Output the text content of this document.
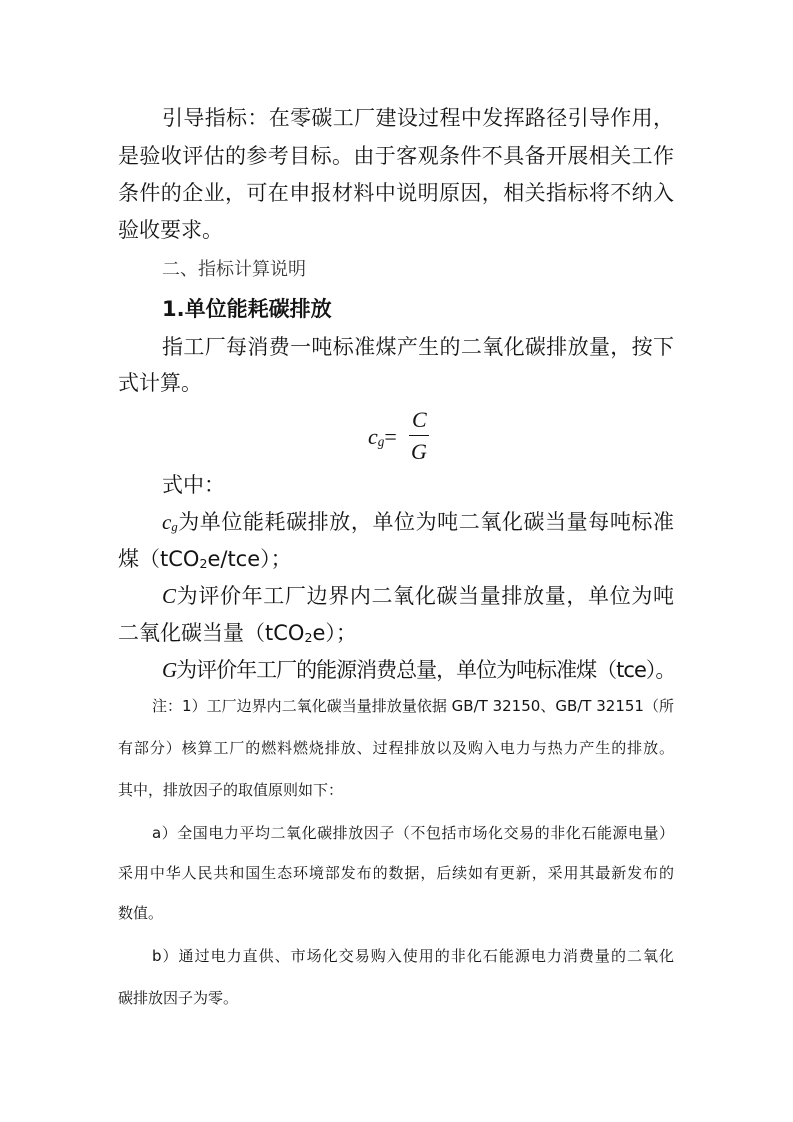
引导指标：在零碳工厂建设过程中发挥路径引导作用，
是验收评估的参考目标。由于客观条件不具备开展相关工作
条件的企业，可在申报材料中说明原因，相关指标将不纳入
验收要求。
二、指标计算说明
1.单位能耗碳排放
指工厂每消费一吨标准煤产生的二氧化碳排放量，按下
式计算。
$c_g=$
C
G
式中：
$c_g$为单位能耗碳排放，单位为吨二氧化碳当量每吨标准
煤（tCO$_2$e/tce）；
C为评价年工厂边界内二氧化碳当量排放量，单位为吨
二氧化碳当量（tCO$_2$e）；
G为评价年工厂的能源消费总量，单位为吨标准煤（tce）。
注：1）工厂边界内二氧化碳当量排放量依据 GB/T 32150、GB/T 32151（所
有部分）核算工厂的燃料燃烧排放、过程排放以及购入电力与热力产生的排放。
其中，排放因子的取值原则如下：
a）全国电力平均二氧化碳排放因子（不包括市场化交易的非化石能源电量）
采用中华人民共和国生态环境部发布的数据，后续如有更新，采用其最新发布的
数值。
b）通过电力直供、市场化交易购入使用的非化石能源电力消费量的二氧化
碳排放因子为零。
